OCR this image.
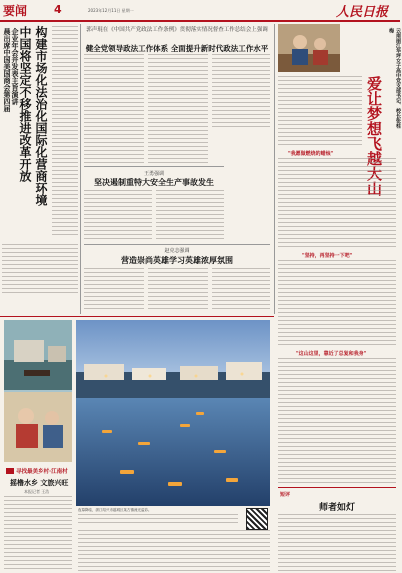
要闻 4	2023年12月11日 星期一	人民日报
晨出席中国美国商会第四届 企业年会并发表主旨演讲
中国将坚定不移推进改革开放 构建市场化法治化国际化营商环境	郭声琨在《中国共产党政法工作条例》贯彻落实情况督查工作总结会上强调
健全党领导政法工作体系 全面提升新时代政法工作水平
王勇强调
坚决遏制重特大安全生产事故发生
赵克志强调
营造崇尚英雄学习英雄浓厚氛围
云南丽江华坪女子高中党支部书记、校长张桂梅
爱让梦想飞越大山
"我愿做燃烧的蜡烛"
"坚持，再坚持一下吧"
"这山这里，靠近了总复和我身"
寻找最美乡村·江南村
摇橹水乡 文旅兴旺
本报记者 王浩
夜幕降临，浙江绍兴市越城区某古镇流光溢彩。
短评
师者如灯
